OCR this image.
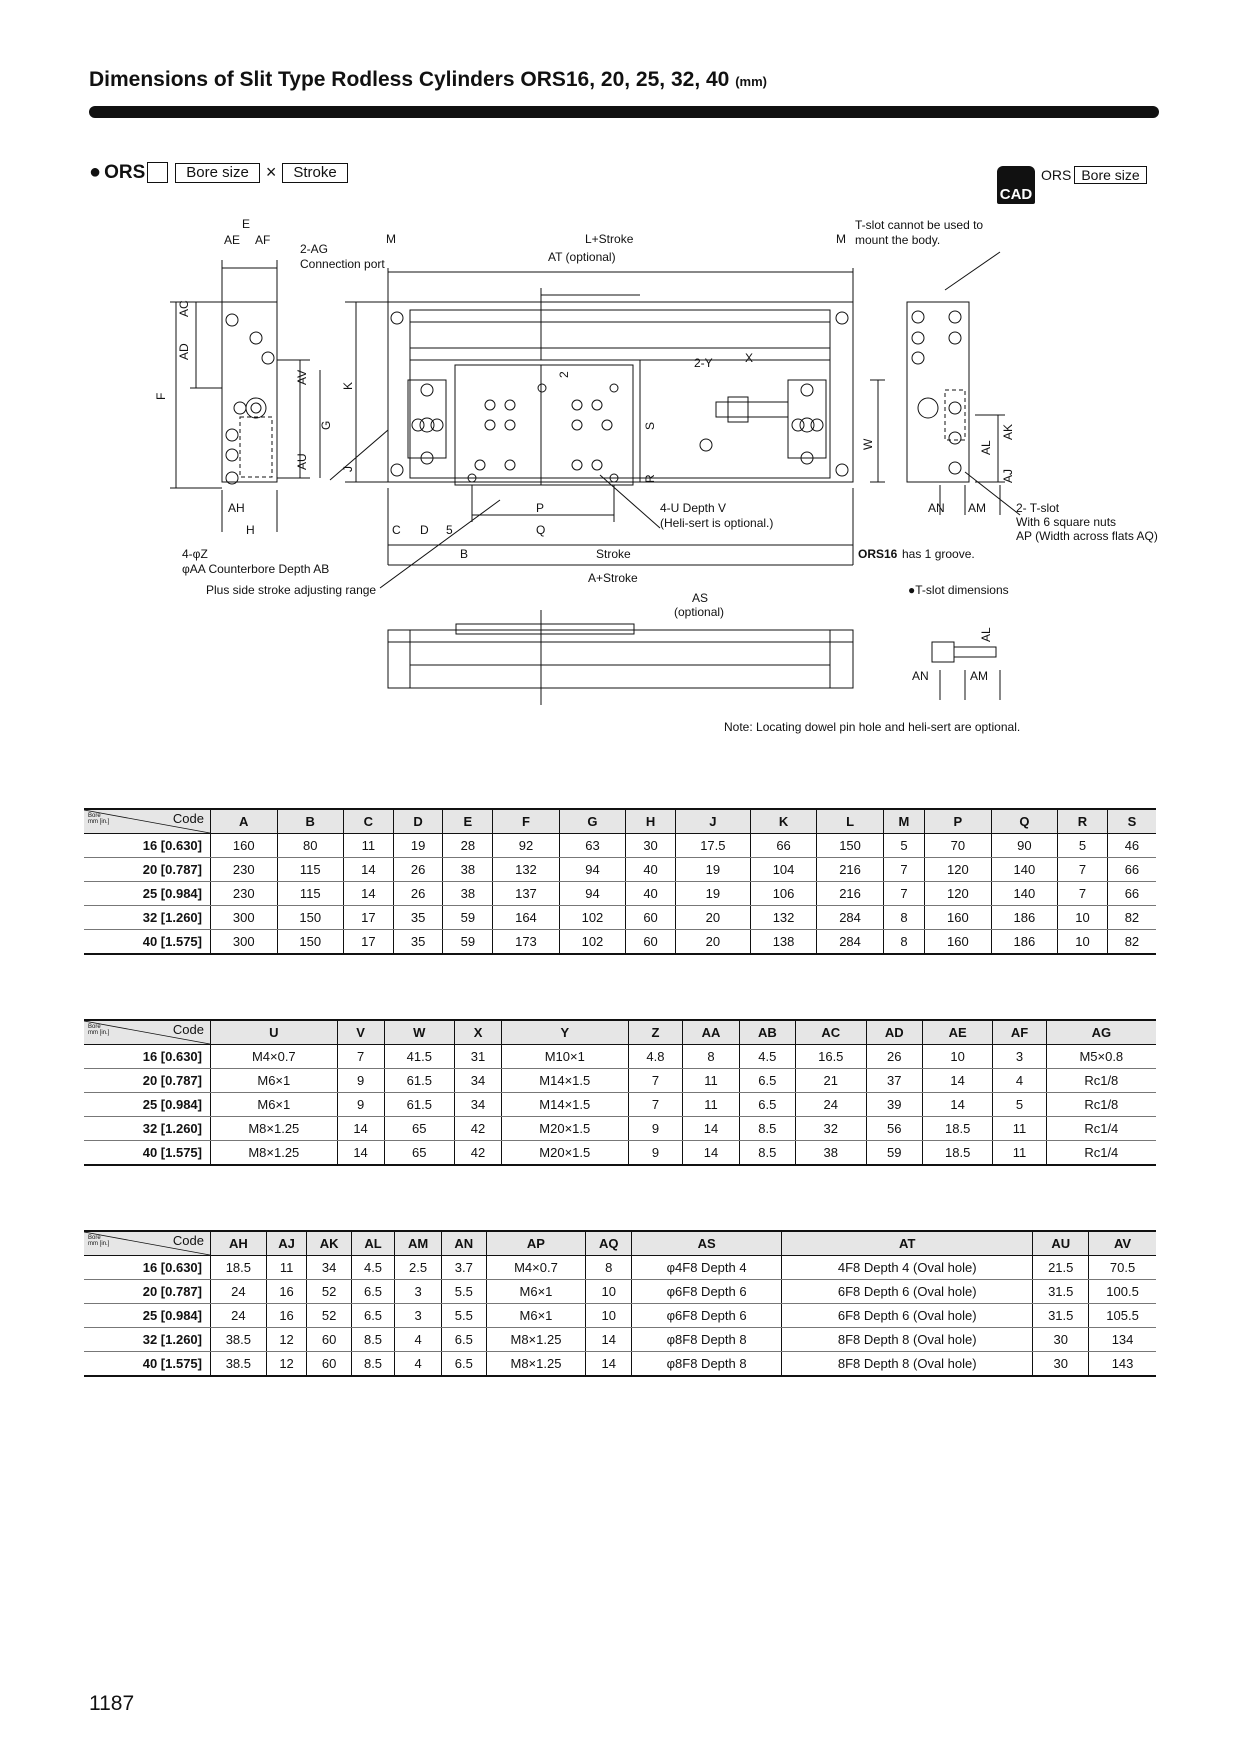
Dimensions of Slit Type Rodless Cylinders ORS16, 20, 25, 32, 40 (mm)
● ORS	Bore size ×	Stroke
CAD
ORS Bore size
E
AE AF
2-AG
Connection port
M	M
L+Stroke
AT (optional)
T-slot cannot be used to
mount the body.
AC
AD
F
AV
G
K
AU	J
2
2-Y	X
S
R
W
AK
AL
AJ
AH
H
P
Q
C D 5
B
4-U Depth V
(Heli-sert is optional.)
AN AM	2- T-slot
With 6 square nuts
AP (Width across flats AQ)
4-φZ
φAA Counterbore Depth AB
Plus side stroke adjusting range
Stroke
A+Stroke
ORS16 has 1 groove.
AS
(optional)
●T-slot dimensions
AL
AN	AM
Note: Locating dowel pin hole and heli-sert are optional.
Code
Bore
mm [in.]	A	B	C	D	E	F	G	H	J	K	L	M	P	Q	R	S
16 [0.630]	160	80	11	19	28	92	63	30	17.5	66	150	5	70	90	5	46
20 [0.787]	230	115	14	26	38	132	94	40	19	104	216	7	120	140	7	66
25 [0.984]	230	115	14	26	38	137	94	40	19	106	216	7	120	140	7	66
32 [1.260]	300	150	17	35	59	164	102	60	20	132	284	8	160	186	10	82
40 [1.575]	300	150	17	35	59	173	102	60	20	138	284	8	160	186	10	82
Code
Bore
mm [in.]	U	V	W	X	Y	Z	AA	AB	AC	AD	AE	AF	AG
16 [0.630]	M4×0.7	7	41.5	31	M10×1	4.8	8	4.5	16.5	26	10	3	M5×0.8
20 [0.787]	M6×1	9	61.5	34	M14×1.5	7	11	6.5	21	37	14	4	Rc1/8
25 [0.984]	M6×1	9	61.5	34	M14×1.5	7	11	6.5	24	39	14	5	Rc1/8
32 [1.260]	M8×1.25	14	65	42	M20×1.5	9	14	8.5	32	56	18.5	11	Rc1/4
40 [1.575]	M8×1.25	14	65	42	M20×1.5	9	14	8.5	38	59	18.5	11	Rc1/4
Code
Bore
mm [in.]	AH	AJ	AK	AL	AM	AN	AP	AQ	AS	AT	AU	AV
16 [0.630]	18.5	11	34	4.5	2.5	3.7	M4×0.7	8	φ4F8 Depth 4	4F8 Depth 4 (Oval hole)	21.5	70.5
20 [0.787]	24	16	52	6.5	3	5.5	M6×1	10	φ6F8 Depth 6	6F8 Depth 6 (Oval hole)	31.5	100.5
25 [0.984]	24	16	52	6.5	3	5.5	M6×1	10	φ6F8 Depth 6	6F8 Depth 6 (Oval hole)	31.5	105.5
32 [1.260]	38.5	12	60	8.5	4	6.5	M8×1.25	14	φ8F8 Depth 8	8F8 Depth 8 (Oval hole)	30	134
40 [1.575]	38.5	12	60	8.5	4	6.5	M8×1.25	14	φ8F8 Depth 8	8F8 Depth 8 (Oval hole)	30	143
1187
